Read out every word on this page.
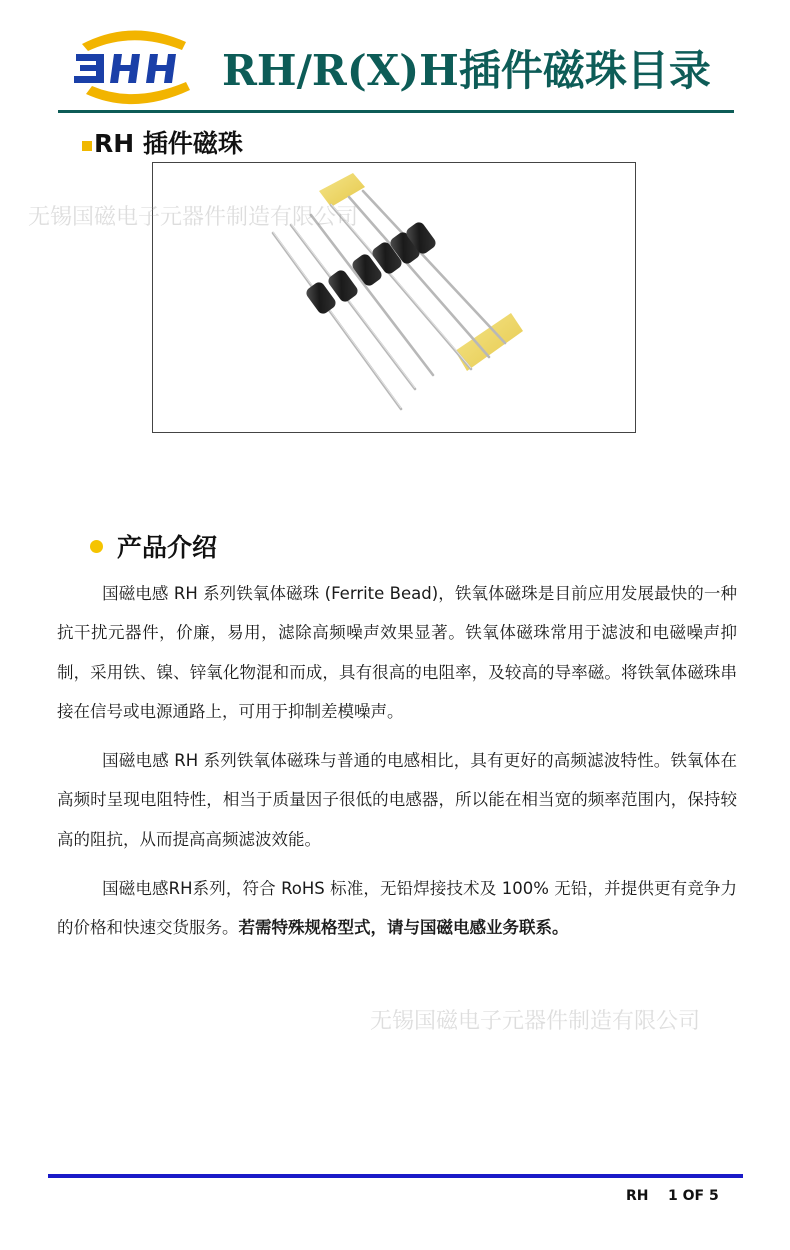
RH/R(X)H插件磁珠目录
RH 插件磁珠
无锡国磁电子元器件制造有限公司
产品介绍

国磁电感 RH 系列铁氧体磁珠 (Ferrite Bead)，铁氧体磁珠是目前应用发展最快的一种抗干扰元器件，价廉，易用，滤除高频噪声效果显著。铁氧体磁珠常用于滤波和电磁噪声抑制，采用铁、镍、锌氧化物混和而成，具有很高的电阻率，及较高的导率磁。将铁氧体磁珠串接在信号或电源通路上，可用于抑制差模噪声。

国磁电感 RH 系列铁氧体磁珠与普通的电感相比，具有更好的高频滤波特性。铁氧体在高频时呈现电阻特性，相当于质量因子很低的电感器，所以能在相当宽的频率范围内，保持较高的阻抗，从而提高高频滤波效能。

国磁电感RH系列，符合 RoHS 标准，无铅焊接技术及 100% 无铅，并提供更有竞争力的价格和快速交货服务。若需特殊规格型式，请与国磁电感业务联系。

无锡国磁电子元器件制造有限公司
RH    1 OF 5
